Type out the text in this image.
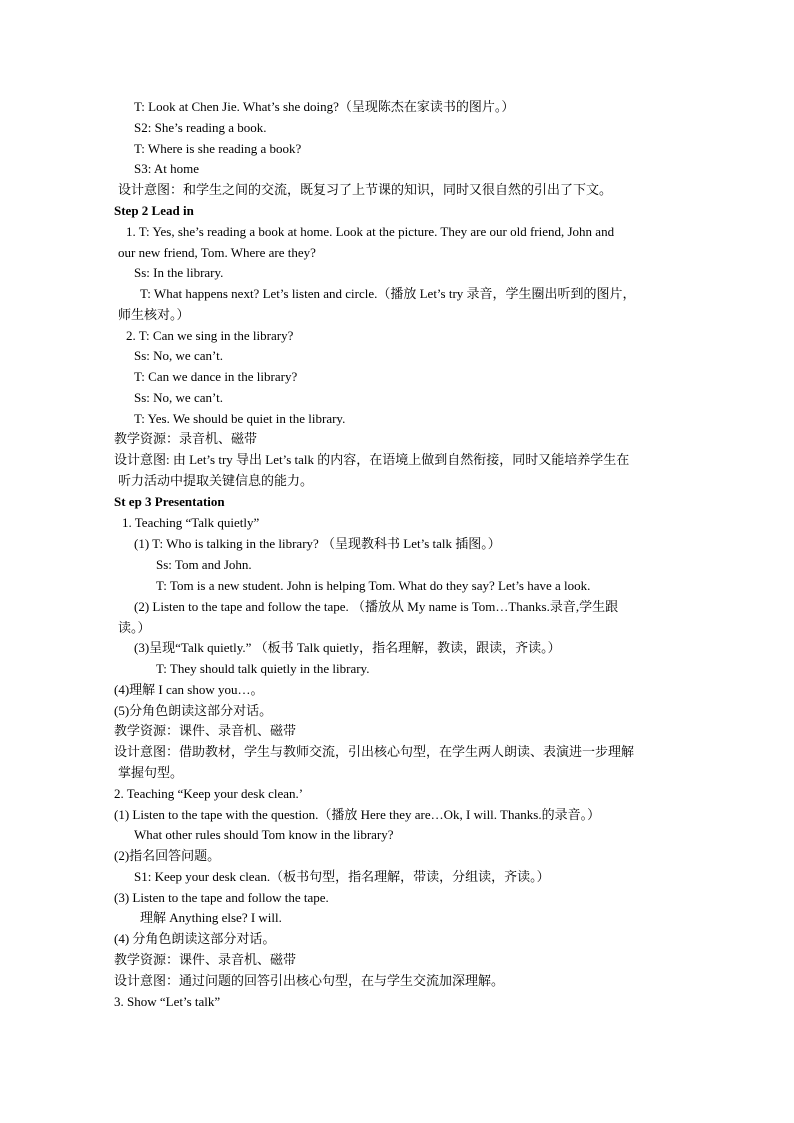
T: Look at Chen Jie. What’s she doing?（呈现陈杰在家读书的图片。）
S2: She’s reading a book.
T: Where is she reading a book?
S3: At home
设计意图：和学生之间的交流，既复习了上节课的知识，同时又很自然的引出了下文。
Step 2 Lead in
1. T: Yes, she’s reading a book at home. Look at the picture. They are our old friend, John and
our new friend, Tom. Where are they?
Ss: In the library.
T: What happens next? Let’s listen and circle.（播放 Let’s try 录音，学生圈出听到的图片，
师生核对。）
2. T: Can we sing in the library?
Ss: No, we can’t.
T: Can we dance in the library?
Ss: No, we can’t.
T: Yes. We should be quiet in the library.
教学资源：录音机、磁带
设计意图: 由 Let’s try 导出 Let’s talk 的内容，在语境上做到自然衔接，同时又能培养学生在
听力活动中提取关键信息的能力。
St ep 3 Presentation
1. Teaching “Talk quietly”
(1) T: Who is talking in the library? （呈现教科书 Let’s talk 插图。）
Ss: Tom and John.
T: Tom is a new student. John is helping Tom. What do they say? Let’s have a look.
(2) Listen to the tape and follow the tape. （播放从 My name is Tom…Thanks.录音,学生跟
读。）
(3)呈现“Talk quietly.” （板书 Talk quietly，指名理解，教读，跟读，齐读。）
T: They should talk quietly in the library.
(4)理解 I can show you…。
(5)分角色朗读这部分对话。
教学资源：课件、录音机、磁带
设计意图：借助教材，学生与教师交流，引出核心句型，在学生两人朗读、表演进一步理解
掌握句型。
2. Teaching “Keep your desk clean.’
(1) Listen to the tape with the question.（播放 Here they are…Ok, I will. Thanks.的录音。）
What other rules should Tom know in the library?
(2)指名回答问题。
S1: Keep your desk clean.（板书句型，指名理解，带读，分组读，齐读。）
(3) Listen to the tape and follow the tape.
理解 Anything else? I will.
(4) 分角色朗读这部分对话。
教学资源：课件、录音机、磁带
设计意图：通过问题的回答引出核心句型，在与学生交流加深理解。
3. Show “Let’s talk”
